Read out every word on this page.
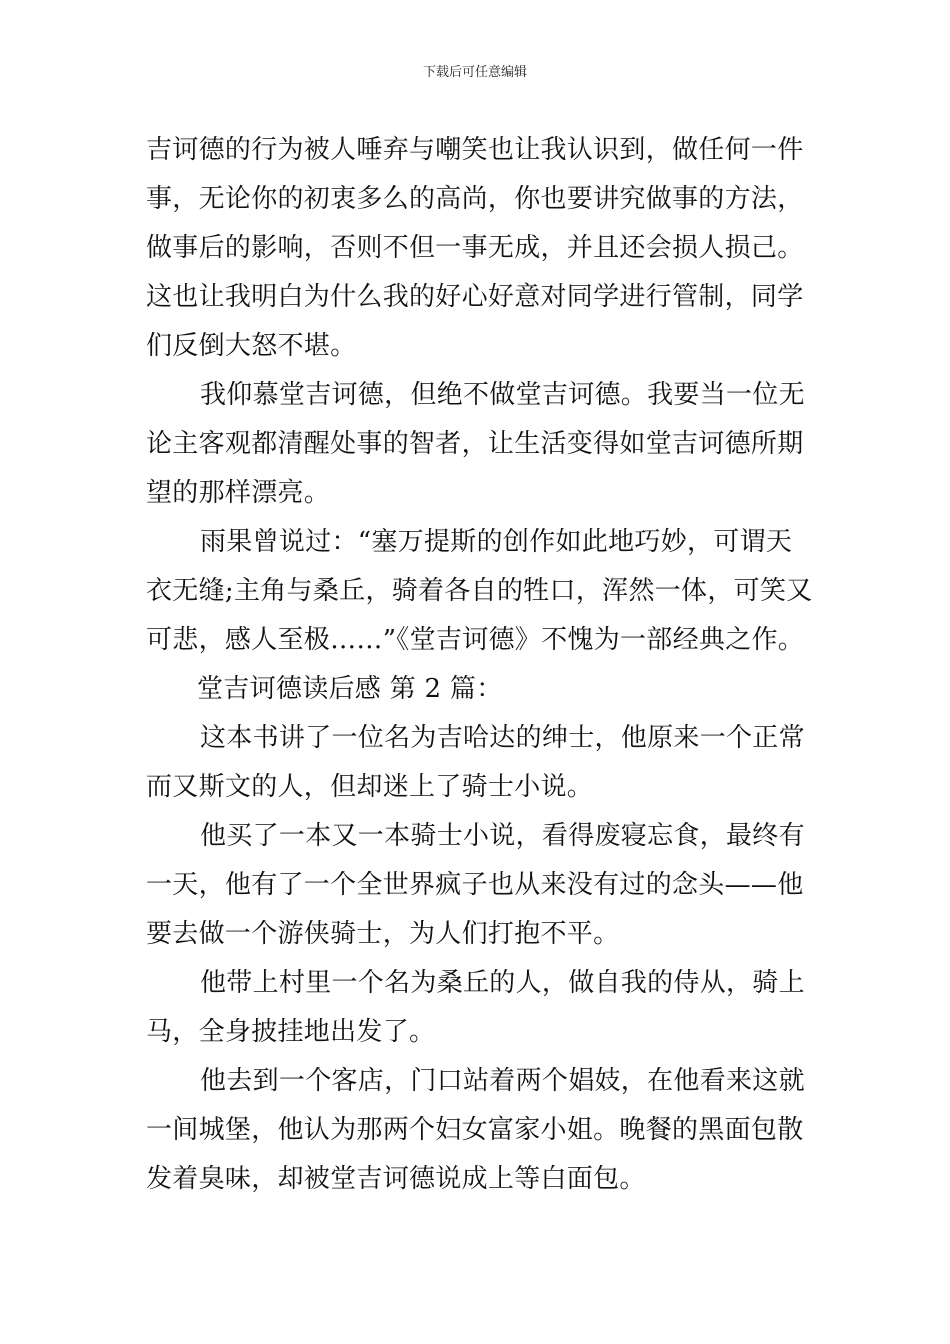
下载后可任意编辑
吉诃德的行为被人唾弃与嘲笑也让我认识到，做任何一件
事，无论你的初衷多么的高尚，你也要讲究做事的方法，
做事后的影响，否则不但一事无成，并且还会损人损己。
这也让我明白为什么我的好心好意对同学进行管制，同学
们反倒大怒不堪。
我仰慕堂吉诃德，但绝不做堂吉诃德。我要当一位无
论主客观都清醒处事的智者，让生活变得如堂吉诃德所期
望的那样漂亮。
雨果曾说过：“塞万提斯的创作如此地巧妙，可谓天
衣无缝;主角与桑丘，骑着各自的牲口，浑然一体，可笑又
可悲，感人至极……”《堂吉诃德》不愧为一部经典之作。
堂吉诃德读后感 第 2 篇：
这本书讲了一位名为吉哈达的绅士，他原来一个正常
而又斯文的人，但却迷上了骑士小说。
他买了一本又一本骑士小说，看得废寝忘食，最终有
一天，他有了一个全世界疯子也从来没有过的念头——他
要去做一个游侠骑士，为人们打抱不平。
他带上村里一个名为桑丘的人，做自我的侍从，骑上
马，全身披挂地出发了。
他去到一个客店，门口站着两个娼妓，在他看来这就
一间城堡，他认为那两个妇女富家小姐。晚餐的黑面包散
发着臭味，却被堂吉诃德说成上等白面包。
